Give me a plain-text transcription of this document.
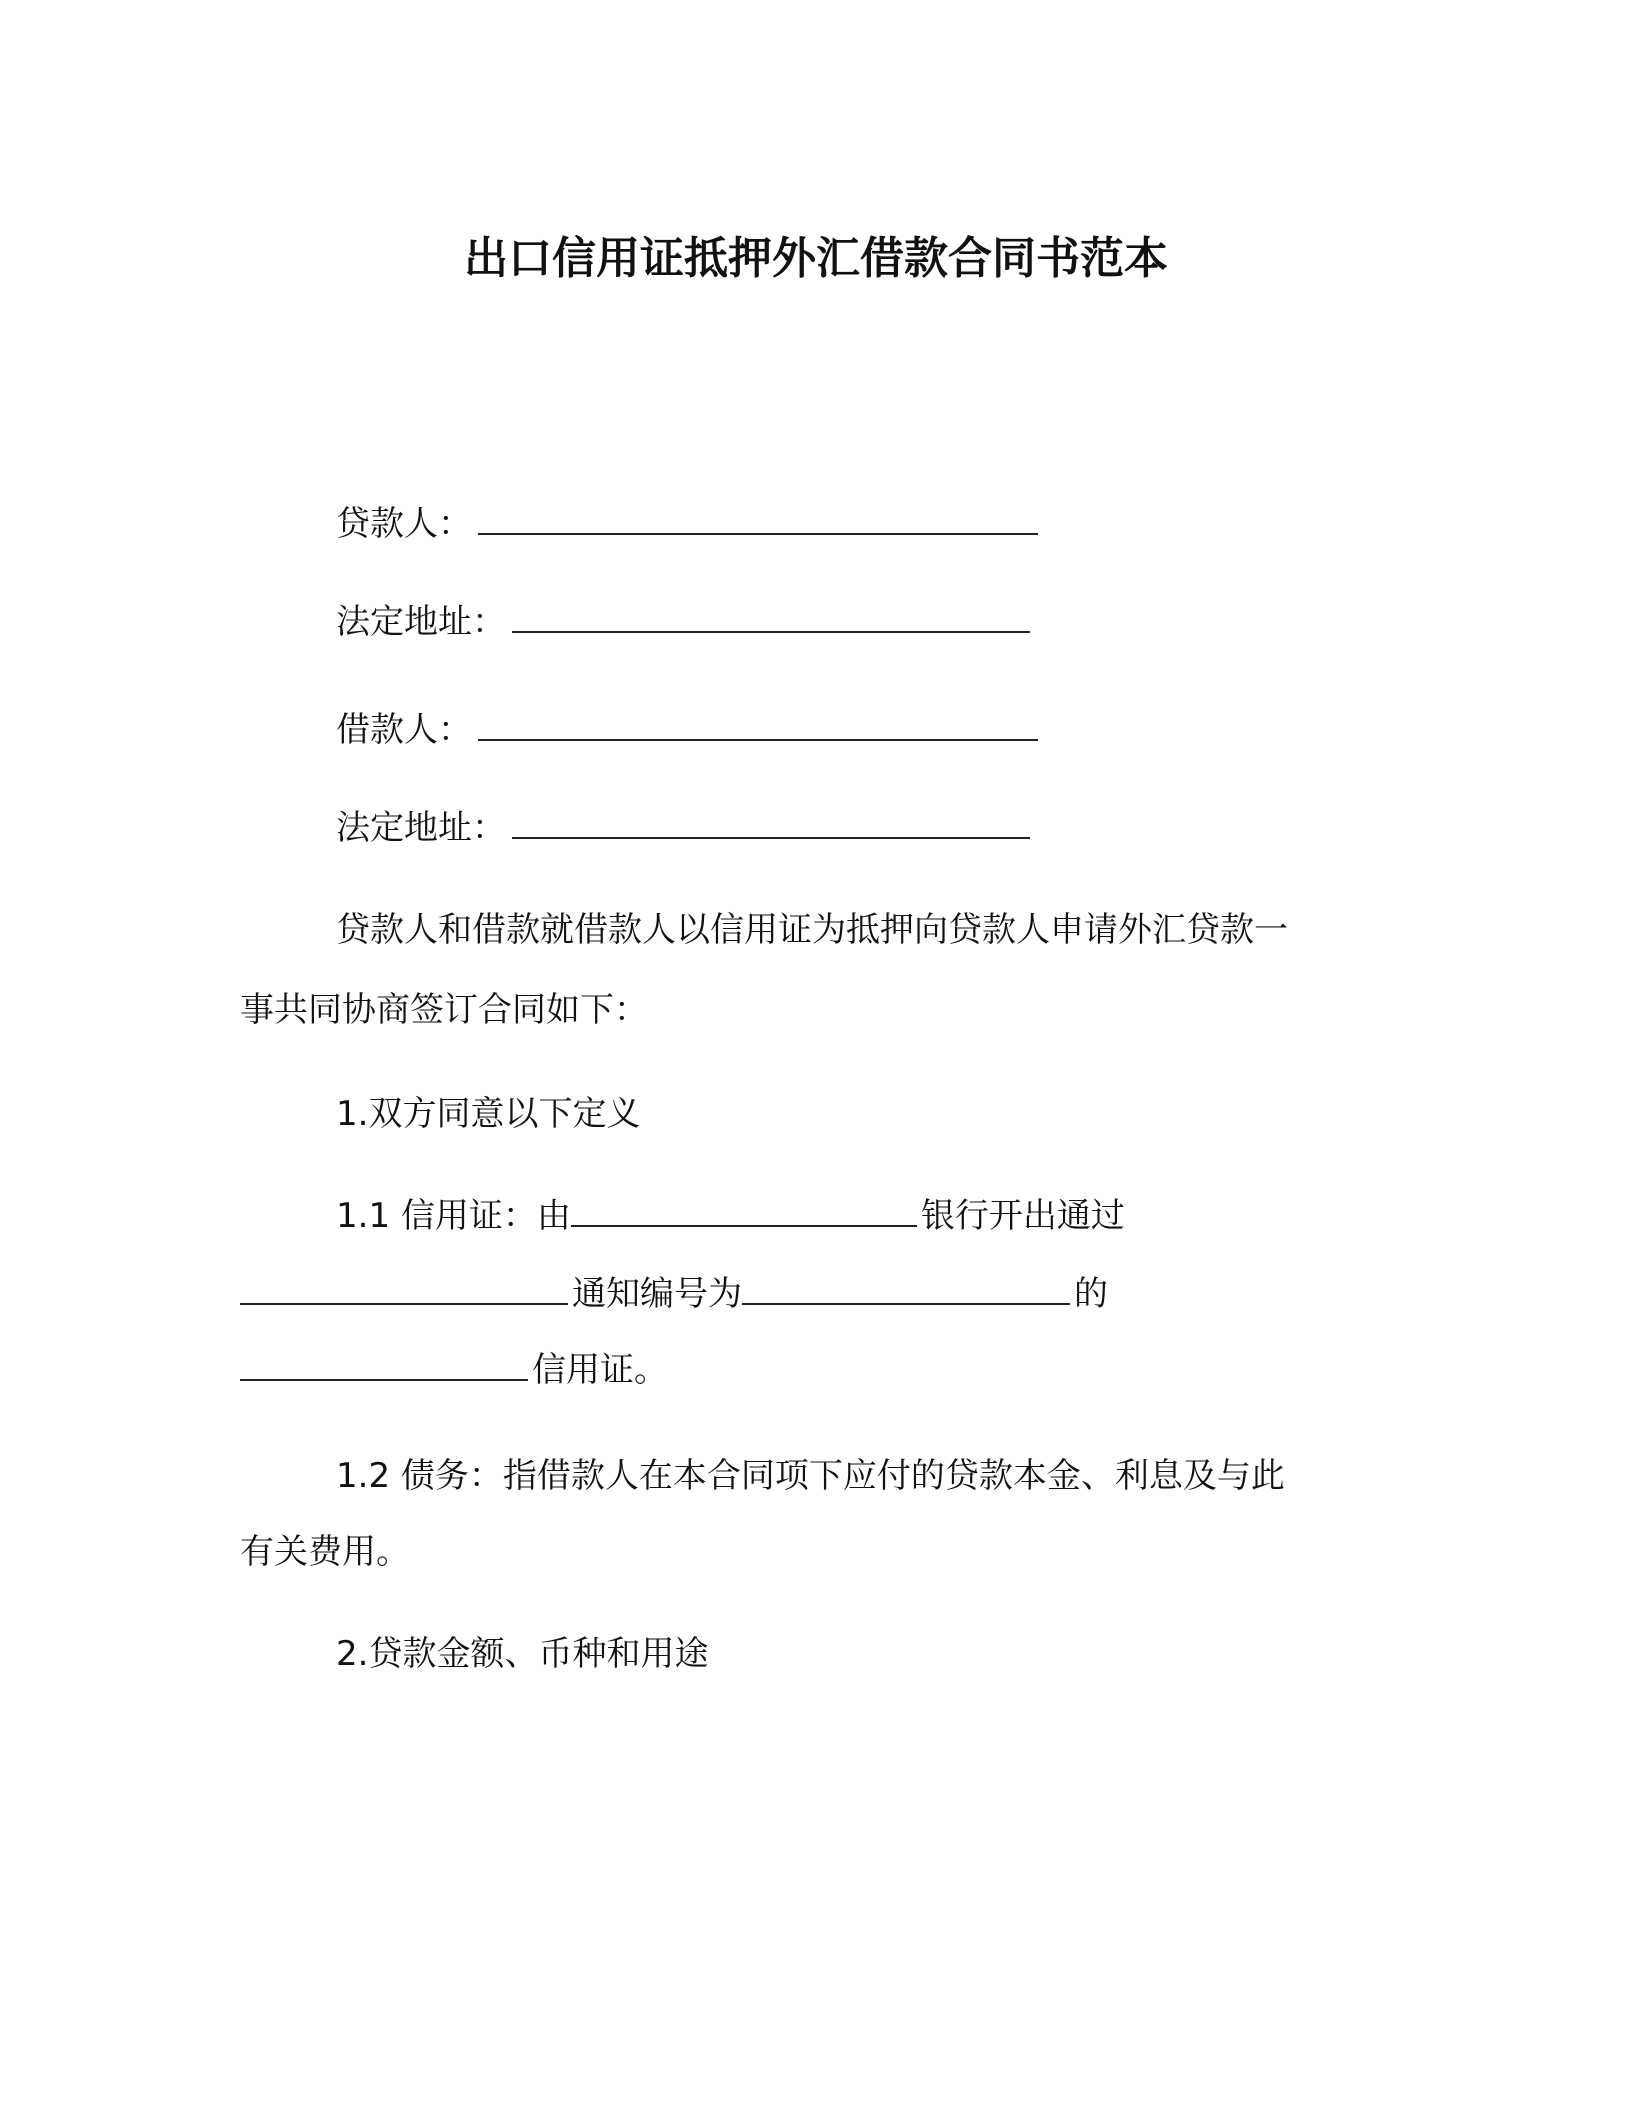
出口信用证抵押外汇借款合同书范本
贷款人：
法定地址：
借款人：
法定地址：
贷款人和借款就借款人以信用证为抵押向贷款人申请外汇贷款一
事共同协商签订合同如下：
1.双方同意以下定义
1.1 信用证：由	银行开出通过
通知编号为	的
信用证。
1.2 债务：指借款人在本合同项下应付的贷款本金、利息及与此
有关费用。
2.贷款金额、币种和用途
